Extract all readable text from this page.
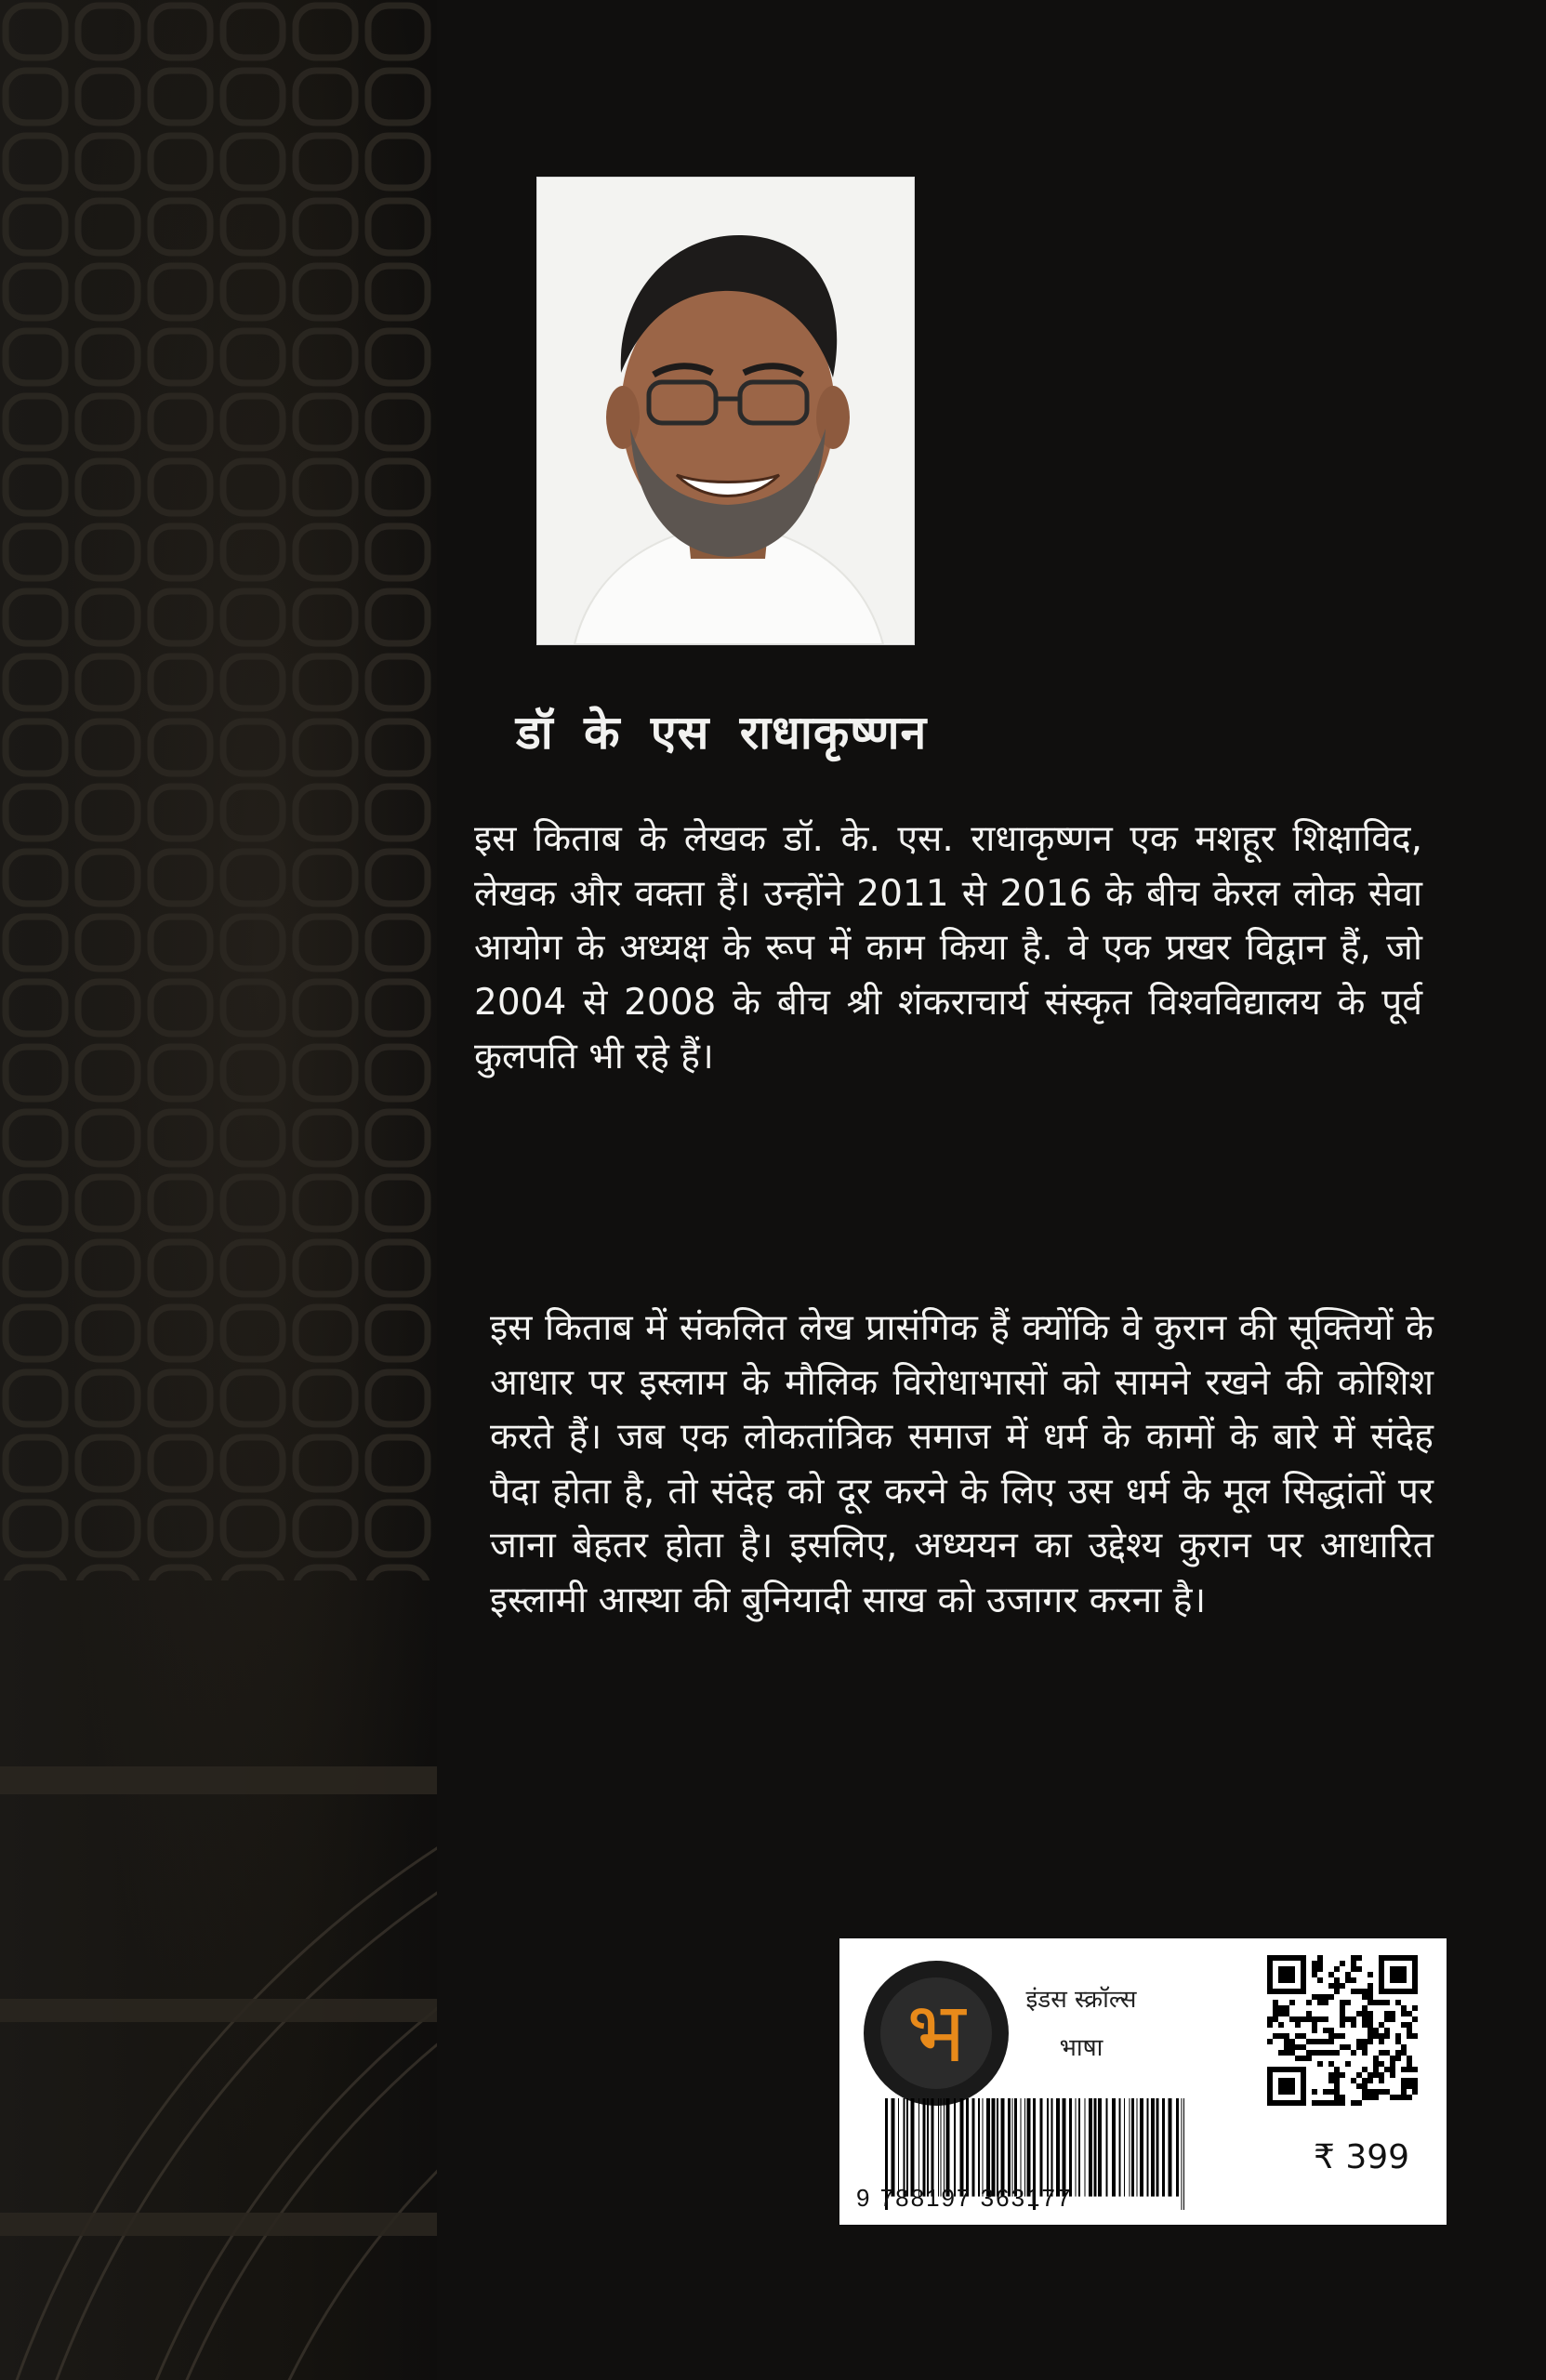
डॉ के एस राधाकृष्णन
इस किताब के लेखक डॉ. के. एस. राधाकृष्णन एक मशहूर शिक्षाविद, लेखक और वक्ता हैं। उन्होंने 2011 से 2016 के बीच केरल लोक सेवा आयोग के अध्यक्ष के रूप में काम किया है. वे एक प्रखर विद्वान हैं, जो 2004 से 2008 के बीच श्री शंकराचार्य संस्कृत विश्वविद्यालय के पूर्व कुलपति भी रहे हैं।
इस किताब में संकलित लेख प्रासंगिक हैं क्योंकि वे कुरान की सूक्तियों के आधार पर इस्लाम के मौलिक विरोधाभासों को सामने रखने की कोशिश करते हैं। जब एक लोकतांत्रिक समाज में धर्म के कामों के बारे में संदेह पैदा होता है, तो संदेह को दूर करने के लिए उस धर्म के मूल सिद्धांतों पर जाना बेहतर होता है। इसलिए, अध्ययन का उद्देश्य कुरान पर आधारित इस्लामी आस्था की बुनियादी साख को उजागर करना है।
भ	इंडस स्क्रॉल्स
भाषा
9 788197 363177
₹ 399
